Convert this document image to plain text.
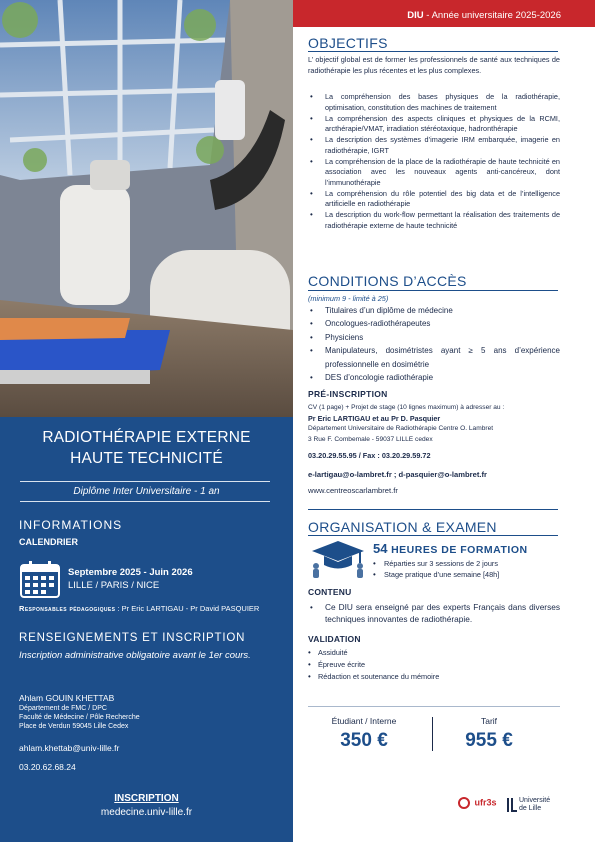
RADIOTHÉRAPIE EXTERNE
HAUTE TECHNICITÉ
Diplôme Inter Universitaire - 1 an
INFORMATIONS
CALENDRIER
Septembre 2025 - Juin 2026
LILLE / PARIS / NICE
Responsables pédagogiques : Pr Eric LARTIGAU - Pr David PASQUIER
RENSEIGNEMENTS ET INSCRIPTION
Inscription administrative obligatoire avant le 1er cours.
Ahlam GOUIN KHETTAB
Département de FMC / DPC
Faculté de Médecine / Pôle Recherche
Place de Verdun 59045 Lille Cedex
ahlam.khettab@univ-lille.fr
03.20.62.68.24
INSCRIPTION
medecine.univ-lille.fr
DIU - Année universitaire 2025-2026
OBJECTIFS
L’ objectif global est de former les professionnels de santé aux techniques de radiothérapie les plus récentes et les plus complexes.
• La compréhension des bases physiques de la radiothérapie, optimisation, constitution des machines de traitement
• La compréhension des aspects cliniques et physiques de la RCMI, arcthérapie/VMAT, irradiation stéréotaxique, hadronthérapie
• La description des systèmes d’imagerie IRM embarquée, imagerie en radiothérapie, IGRT
• La compréhension de la place de la radiothérapie de haute technicité en association avec les nouveaux agents anti-cancéreux, dont l’immunothérapie
• La compréhension du rôle potentiel des big data et de l’intelligence artificielle en radiothérapie
• La description du work-flow permettant la réalisation des traitements de radiothérapie externe de haute technicité
CONDITIONS D’ACCÈS
(minimum 9 - limité à 25)
• Titulaires d’un diplôme de médecine
• Oncologues-radiothérapeutes
• Physiciens
• Manipulateurs, dosimétristes ayant ≥ 5 ans d’expérience professionnelle en dosimétrie
• DES d’oncologie radiothérapie
PRÉ-INSCRIPTION
CV (1 page) + Projet de stage (10 lignes maximum) à adresser au :
Pr Eric LARTIGAU et au Pr D. Pasquier
Département Universitaire de Radiothérapie Centre O. Lambret
3 Rue F. Combemale - 59037 LILLE cedex
03.20.29.55.95 / Fax : 03.20.29.59.72
e-lartigau@o-lambret.fr ; d-pasquier@o-lambret.fr
www.centreoscarlambret.fr
ORGANISATION & EXAMEN
54 HEURES DE FORMATION
• Réparties sur 3 sessions de 2 jours
• Stage pratique d’une semaine [48h]
CONTENU
• Ce DIU sera enseigné par des experts Français dans diverses techniques innovantes de radiothérapie.
VALIDATION
• Assiduité
• Épreuve écrite
• Rédaction et soutenance du mémoire
Étudiant / Interne
350 €
Tarif
955 €
ufr3s	Université
de Lille
